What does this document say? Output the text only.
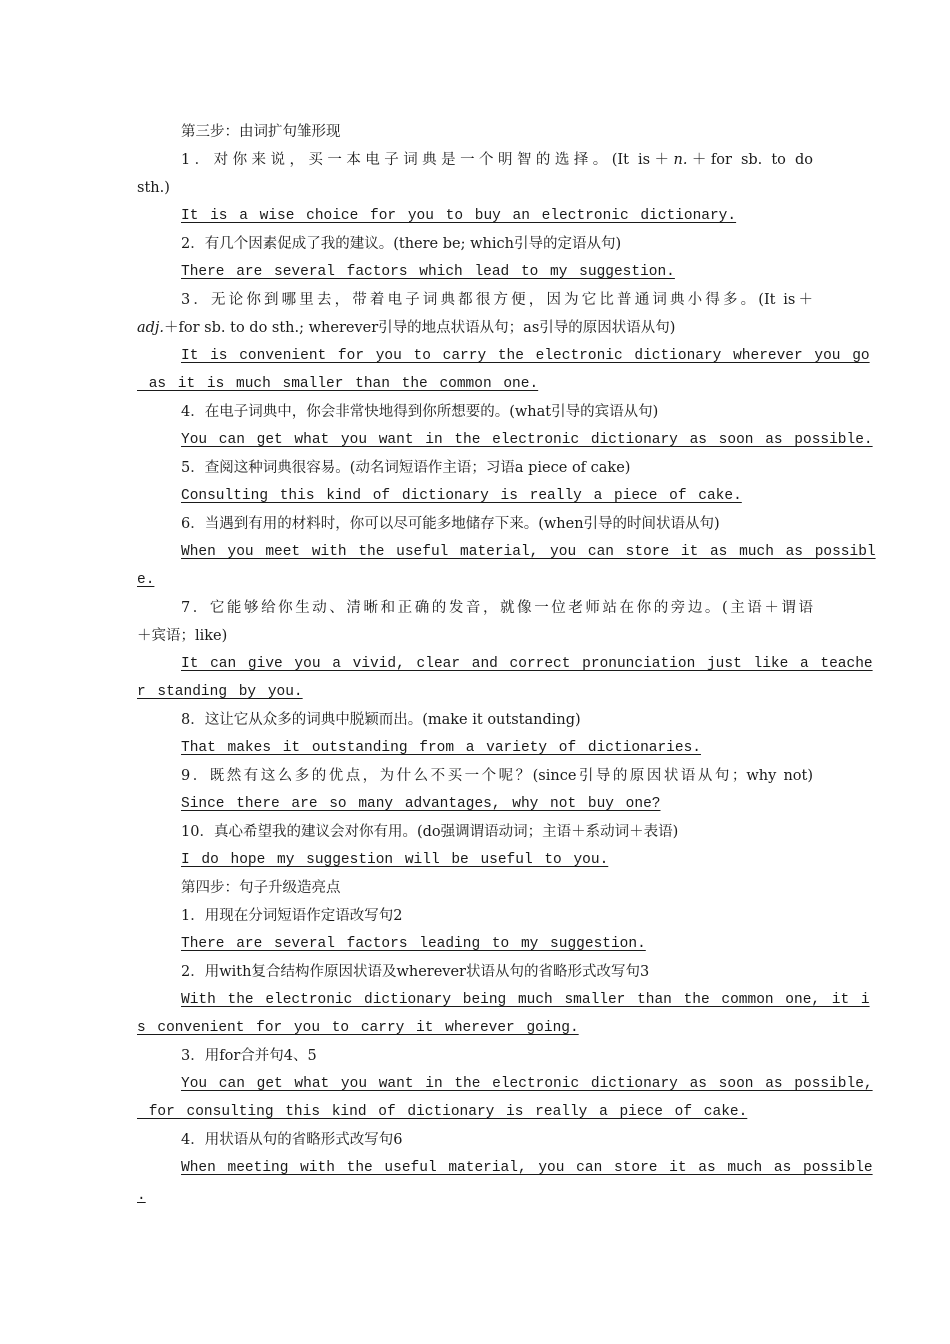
第三步：由词扩句雏形现
1．对你来说，买一本电子词典是一个明智的选择。(It is＋n.＋for sb. to do
sth.)
It is a wise choice for you to buy an electronic dictionary.
2．有几个因素促成了我的建议。(there be; which引导的定语从句)
There are several factors which lead to my suggestion.
3．无论你到哪里去，带着电子词典都很方便，因为它比普通词典小得多。(It is＋
adj.＋for sb. to do sth.; wherever引导的地点状语从句；as引导的原因状语从句)
It is convenient for you to carry the electronic dictionary wherever you go
as it is much smaller than the common one.
4．在电子词典中，你会非常快地得到你所想要的。(what引导的宾语从句)
You can get what you want in the electronic dictionary as soon as possible.
5．查阅这种词典很容易。(动名词短语作主语；习语a piece of cake)
Consulting this kind of dictionary is really a piece of cake.
6．当遇到有用的材料时，你可以尽可能多地储存下来。(when引导的时间状语从句)
When you meet with the useful material, you can store it as much as possibl
e.
7．它能够给你生动、清晰和正确的发音，就像一位老师站在你的旁边。(主语＋谓语
＋宾语；like)
It can give you a vivid, clear and correct pronunciation just like a teache
r standing by you.
8．这让它从众多的词典中脱颖而出。(make it outstanding)
That makes it outstanding from a variety of dictionaries.
9．既然有这么多的优点，为什么不买一个呢？(since引导的原因状语从句；why not)
Since there are so many advantages, why not buy one?
10．真心希望我的建议会对你有用。(do强调谓语动词；主语＋系动词＋表语)
I do hope my suggestion will be useful to you.
第四步：句子升级造亮点
1．用现在分词短语作定语改写句2
There are several factors leading to my suggestion.
2．用with复合结构作原因状语及wherever状语从句的省略形式改写句3
With the electronic dictionary being much smaller than the common one, it i
s convenient for you to carry it wherever going.
3．用for合并句4、5
You can get what you want in the electronic dictionary as soon as possible,
for consulting this kind of dictionary is really a piece of cake.
4．用状语从句的省略形式改写句6
When meeting with the useful material, you can store it as much as possible
.
